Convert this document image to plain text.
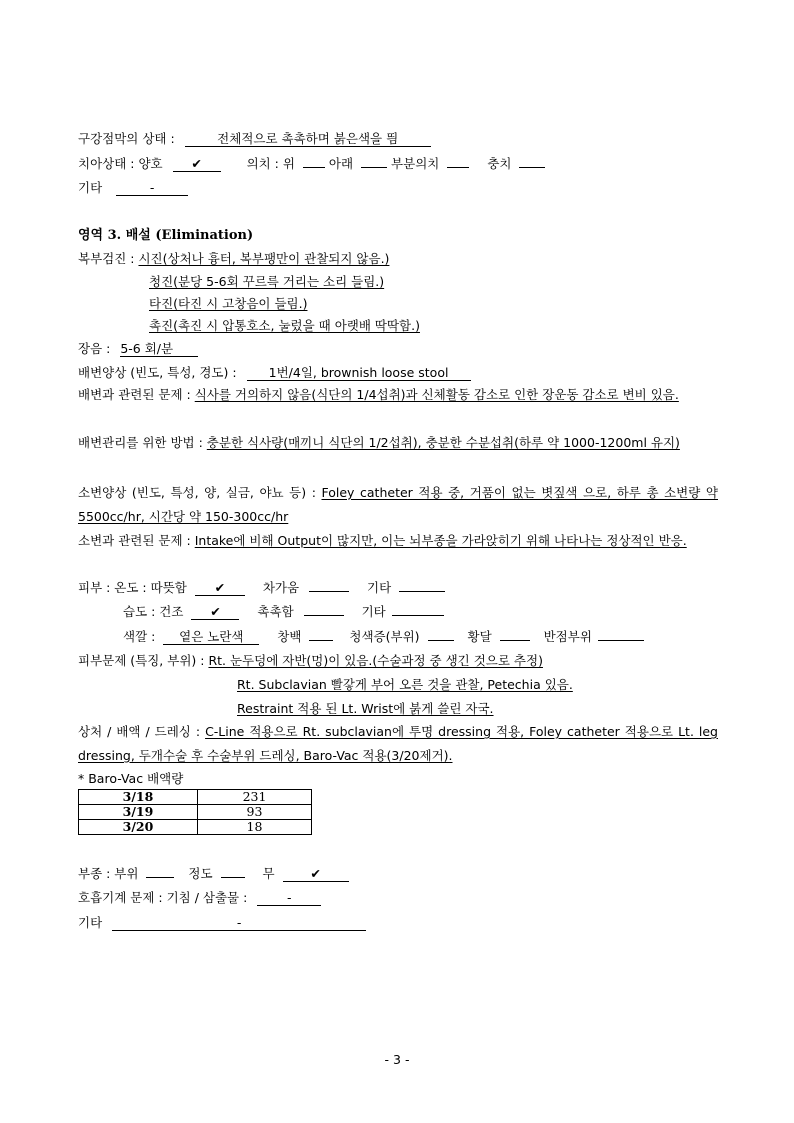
구강점막의 상태 :	전체적으로 촉촉하며 붉은색을 띔
치아상태 : 양호 ✔	의치 : 위	아래	부분의치	충치
기타	-
영역 3. 배설 (Elimination)
복부검진 : 시진(상처나 흉터, 복부팽만이 관찰되지 않음.)
청진(분당 5-6회 꾸르륵 거리는 소리 들림.)
타진(타진 시 고창음이 들림.)
촉진(촉진 시 압통호소, 눌렀을 때 아랫배 딱딱함.)
장음 : 5-6 회/분
배변양상 (빈도, 특성, 경도) :	1번/4일, brownish loose stool
배변과 관련된 문제 : 식사를 거의하지 않음(식단의 1/4섭취)과 신체활동 감소로 인한 장운동 감소로 변비 있음.
배변관리를 위한 방법 : 충분한 식사량(매끼니 식단의 1/2섭취), 충분한 수분섭취(하루 약 1000-1200ml 유지)
소변양상 (빈도, 특성, 양, 실금, 야뇨 등) : Foley catheter 적용 중, 거품이 없는 볏짚색 으로, 하루 총 소변량 약 5500cc/hr, 시간당 약 150-300cc/hr
소변과 관련된 문제 : Intake에 비해 Output이 많지만, 이는 뇌부종을 가라앉히기 위해 나타나는 정상적인 반응.
피부 : 온도 : 따뜻함 ✔	차가움	기타
습도 : 건조 ✔	촉촉함	기타
색깔 : 옅은 노란색	창백	청색증(부위)	황달	반점부위
피부문제 (특징, 부위) : Rt. 눈두덩에 자반(멍)이 있음.(수술과정 중 생긴 것으로 추정)
Rt. Subclavian 빨갛게 부어 오른 것을 관찰, Petechia 있음.
Restraint 적용 된 Lt. Wrist에 붉게 쓸린 자국.
상처 / 배액 / 드레싱 : C-Line 적용으로 Rt. subclavian에 투명 dressing 적용, Foley catheter 적용으로 Lt. leg dressing, 두개수술 후 수술부위 드레싱, Baro-Vac 적용(3/20제거).
* Baro-Vac 배액량
3/18	231
3/19	93
3/20	18
부종 : 부위	정도	무	✔
호흡기계 문제 : 기침 / 삼출물 :	-
기타	-
- 3 -
